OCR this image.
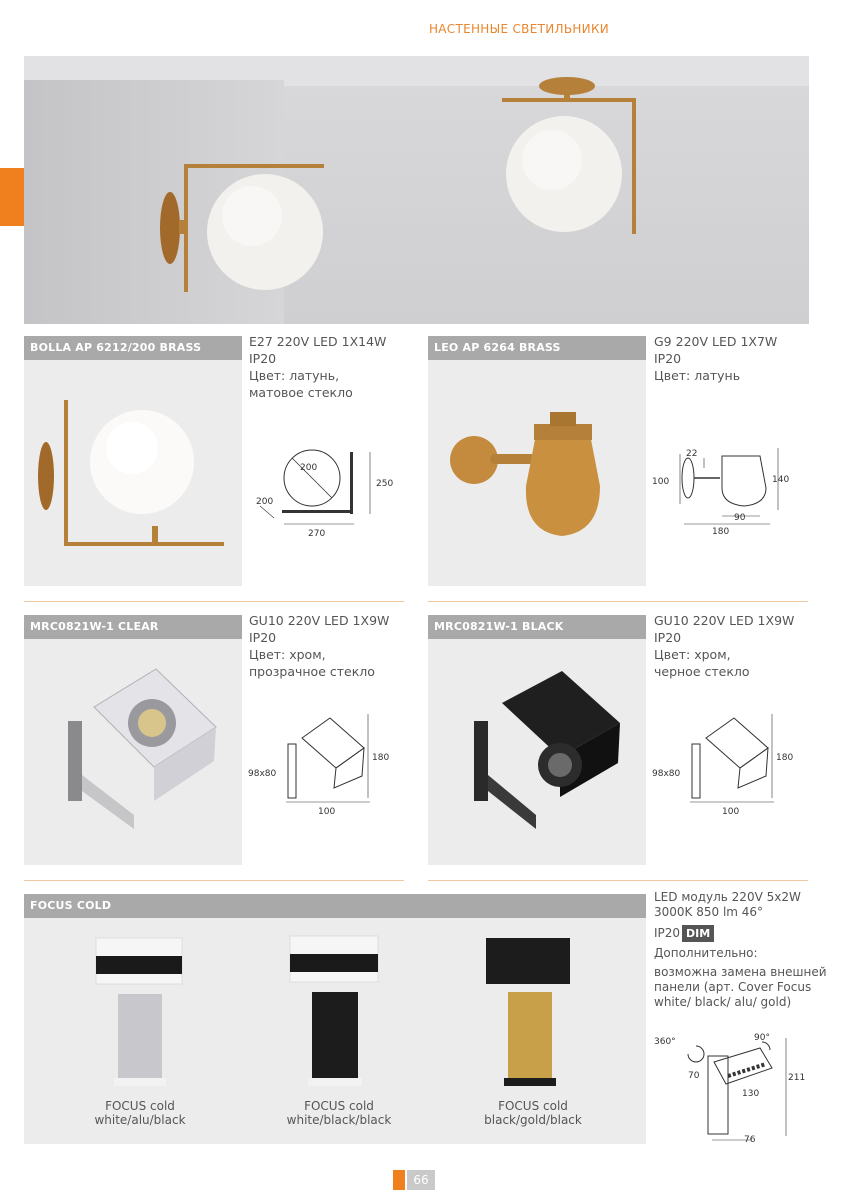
НАСТЕННЫЕ СВЕТИЛЬНИКИ
BOLLA AP 6212/200 BRASS	E27 220V LED 1X14W
IP20
Цвет: латунь,
матовое стекло
200
250
200
270
LEO AP 6264 BRASS	G9 220V LED 1X7W
IP20
Цвет: латунь
22
100	140
90
180
MRC0821W-1 CLEAR	GU10 220V LED 1X9W
IP20
Цвет: хром,
прозрачное стекло
180
98x80
100
MRC0821W-1 BLACK	GU10 220V LED 1X9W
IP20
Цвет: хром,
черное стекло
180
98x80
100
FOCUS COLD
FOCUS cold
white/alu/black
FOCUS cold
white/black/black
FOCUS cold
black/gold/black
LED модуль 220V 5x2W
3000K 850 lm 46°
IP20 DIM
Дополнительно:
возможна замена внешней
панели (арт. Cover Focus
white/ black/ alu/ gold)
360°	90°
70
130
211
76
66
